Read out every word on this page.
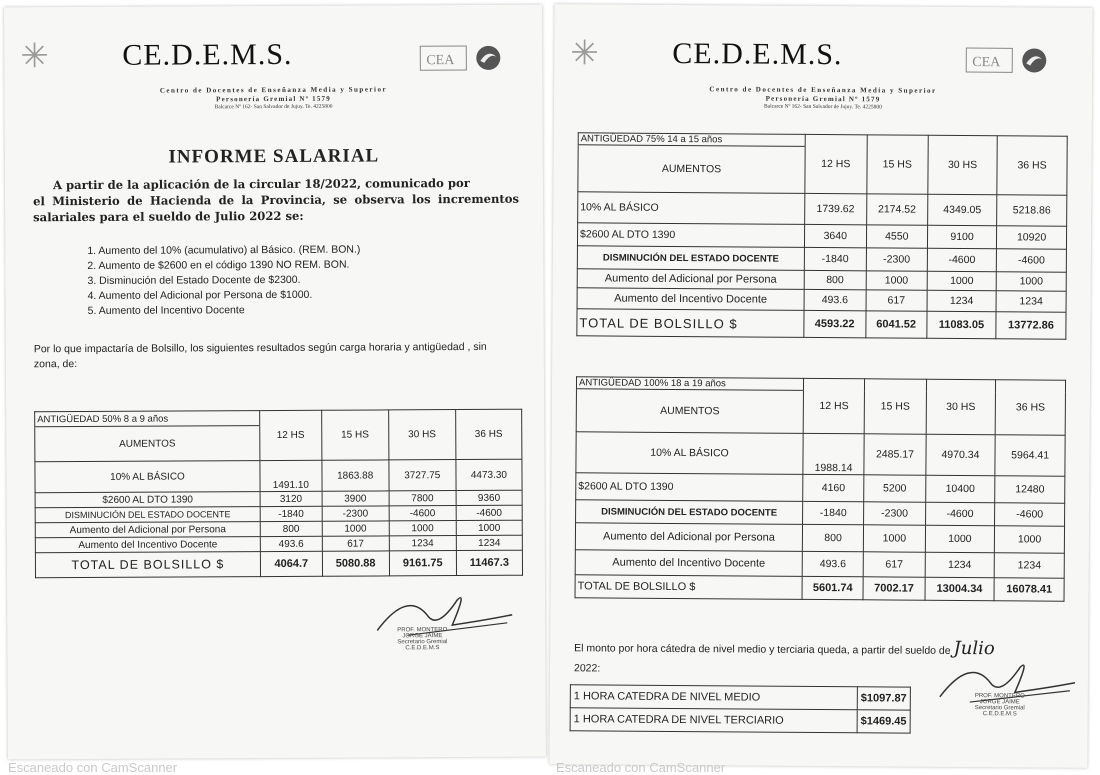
✳ CE.D.E.M.S.	CEA
Centro de Docentes de Enseñanza Media y Superior
Personería Gremial Nº 1579
Balcarce Nº 162- San Salvador de Jujuy. Te. 4225800
INFORME SALARIAL
A partir de la aplicación de la circular 18/2022, comunicado por
el Ministerio de Hacienda de la Provincia, se observa los incrementos salariales para el sueldo de Julio 2022 se:
1. Aumento del 10% (acumulativo) al Básico. (REM. BON.)
2. Aumento de $2600 en el código 1390 NO REM. BON.
3. Disminución del Estado Docente de $2300.
4. Aumento del Adicional por Persona de $1000.
5. Aumento del Incentivo Docente
Por lo que impactaría de Bolsillo, los siguientes resultados según carga horaria y antigüedad , sin zona, de:
ANTIGÜEDAD 50% 8 a 9 años	12 HS	15 HS	30 HS	36 HS
AUMENTOS				
10% AL BÁSICO	1491.10	1863.88	3727.75	4473.30
$2600 AL DTO 1390	3120	3900	7800	9360
DISMINUCIÓN DEL ESTADO DOCENTE	-1840	-2300	-4600	-4600
Aumento del Adicional por Persona	800	1000	1000	1000
Aumento del Incentivo Docente	493.6	617	1234	1234
TOTAL DE BOLSILLO $	4064.7	5080.88	9161.75	11467.3
PROF. MONTERO
JORGE JAIME
Secretario Gremial
C.E.D.E.M.S
Escaneado con CamScanner
✳ CE.D.E.M.S.	CEA
Centro de Docentes de Enseñanza Media y Superior
Personería Gremial Nº 1579
Balcarce Nº 162- San Salvador de Jujuy. Te. 4225800
ANTIGÜEDAD 75% 14 a 15 años	12 HS	15 HS	30 HS	36 HS
AUMENTOS				
10% AL BÁSICO	1739.62	2174.52	4349.05	5218.86
$2600 AL DTO 1390	3640	4550	9100	10920
DISMINUCIÓN DEL ESTADO DOCENTE	-1840	-2300	-4600	-4600
Aumento del Adicional por Persona	800	1000	1000	1000
Aumento del Incentivo Docente	493.6	617	1234	1234
TOTAL DE BOLSILLO $	4593.22	6041.52	11083.05	13772.86
ANTIGÜEDAD 100% 18 a 19 años	12 HS	15 HS	30 HS	36 HS
AUMENTOS				
10% AL BÁSICO	1988.14	2485.17	4970.34	5964.41
$2600 AL DTO 1390	4160	5200	10400	12480
DISMINUCIÓN DEL ESTADO DOCENTE	-1840	-2300	-4600	-4600
Aumento del Adicional por Persona	800	1000	1000	1000
Aumento del Incentivo Docente	493.6	617	1234	1234
TOTAL DE BOLSILLO $	5601.74	7002.17	13004.34	16078.41
El monto por hora cátedra de nivel medio y terciaria queda, a partir del sueldo de Julio
2022:
1 HORA CATEDRA DE NIVEL MEDIO	$1097.87
1 HORA CATEDRA DE NIVEL TERCIARIO	$1469.45
PROF. MONTERO
JORGE JAIME
Secretario Gremial
C.E.D.E.M.S
Escaneado con CamScanner
